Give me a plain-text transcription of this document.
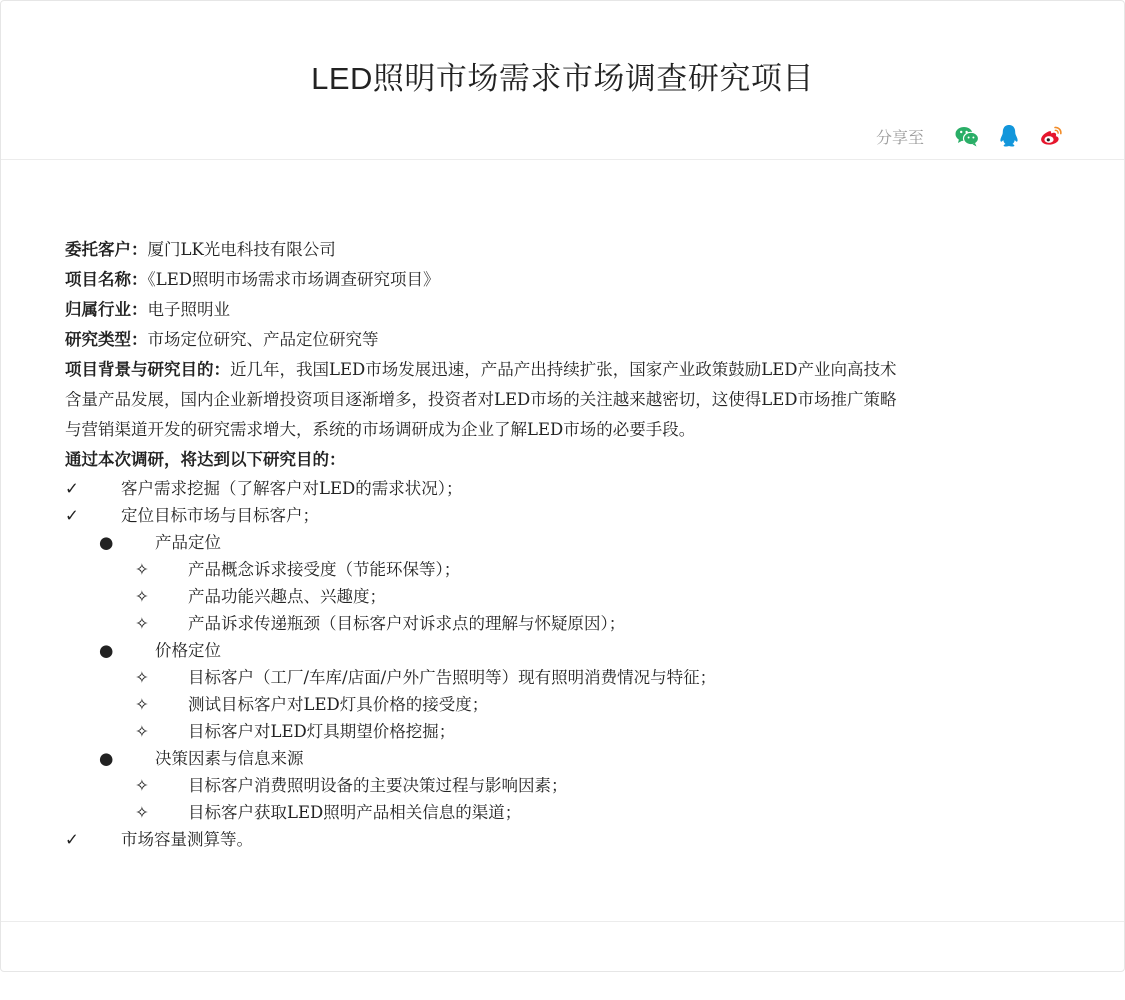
LED照明市场需求市场调查研究项目
分享至
委托客户：厦门LK光电科技有限公司
项目名称：《LED照明市场需求市场调查研究项目》
归属行业：电子照明业
研究类型：市场定位研究、产品定位研究等
项目背景与研究目的：近几年，我国LED市场发展迅速，产品产出持续扩张，国家产业政策鼓励LED产业向高技术
含量产品发展，国内企业新增投资项目逐渐增多，投资者对LED市场的关注越来越密切，这使得LED市场推广策略
与营销渠道开发的研究需求增大，系统的市场调研成为企业了解LED市场的必要手段。
通过本次调研，将达到以下研究目的：
✓	客户需求挖掘（了解客户对LED的需求状况）；
✓	定位目标市场与目标客户；
●	产品定位
✧ 产品概念诉求接受度（节能环保等）；
✧ 产品功能兴趣点、兴趣度；
✧ 产品诉求传递瓶颈（目标客户对诉求点的理解与怀疑原因）；
●	价格定位
✧ 目标客户（工厂/车库/店面/户外广告照明等）现有照明消费情况与特征；
✧ 测试目标客户对LED灯具价格的接受度；
✧ 目标客户对LED灯具期望价格挖掘；
●	决策因素与信息来源
✧ 目标客户消费照明设备的主要决策过程与影响因素；
✧ 目标客户获取LED照明产品相关信息的渠道；
✓	市场容量测算等。
